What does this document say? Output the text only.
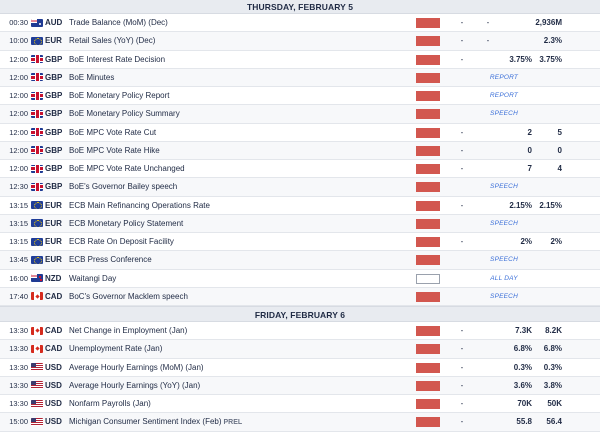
THURSDAY, FEBRUARY 5
00:30 AUD Trade Balance (MoM) (Dec)	-	-	2,936M
10:00 EUR Retail Sales (YoY) (Dec)	-	-	2.3%
12:00 GBP BoE Interest Rate Decision	-	3.75% 3.75%
12:00 GBP BoE Minutes	REPORT
12:00 GBP BoE Monetary Policy Report	REPORT
12:00 GBP BoE Monetary Policy Summary	SPEECH
12:00 GBP BoE MPC Vote Rate Cut	-	2	5
12:00 GBP BoE MPC Vote Rate Hike	-	0	0
12:00 GBP BoE MPC Vote Rate Unchanged	-	7	4
12:30 GBP BoE's Governor Bailey speech	SPEECH
13:15 EUR ECB Main Refinancing Operations Rate	-	2.15% 2.15%
13:15 EUR ECB Monetary Policy Statement	SPEECH
13:15 EUR ECB Rate On Deposit Facility	-	2%	2%
13:45 EUR ECB Press Conference	SPEECH
16:00 NZD Waitangi Day	ALL DAY
17:40 CAD BoC's Governor Macklem speech	SPEECH
FRIDAY, FEBRUARY 6
13:30 CAD Net Change in Employment (Jan)	-	7.3K	8.2K
13:30 CAD Unemployment Rate (Jan)	-	6.8%	6.8%
13:30 USD Average Hourly Earnings (MoM) (Jan)	-	0.3%	0.3%
13:30 USD Average Hourly Earnings (YoY) (Jan)	-	3.6%	3.8%
13:30 USD Nonfarm Payrolls (Jan)	-	70K	50K
15:00 USD Michigan Consumer Sentiment Index (Feb) PREL	-	55.8	56.4
